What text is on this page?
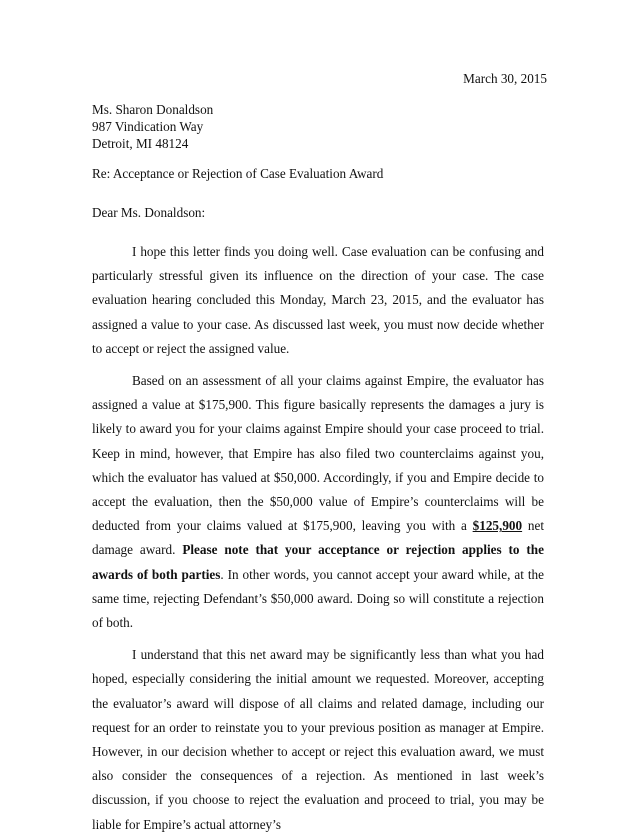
March 30, 2015
Ms. Sharon Donaldson
987 Vindication Way
Detroit, MI 48124
Re: Acceptance or Rejection of Case Evaluation Award
Dear Ms. Donaldson:

I hope this letter finds you doing well. Case evaluation can be confusing and particularly stressful given its influence on the direction of your case. The case evaluation hearing concluded this Monday, March 23, 2015, and the evaluator has assigned a value to your case. As discussed last week, you must now decide whether to accept or reject the assigned value.

Based on an assessment of all your claims against Empire, the evaluator has assigned a value at $175,900. This figure basically represents the damages a jury is likely to award you for your claims against Empire should your case proceed to trial. Keep in mind, however, that Empire has also filed two counterclaims against you, which the evaluator has valued at $50,000. Accordingly, if you and Empire decide to accept the evaluation, then the $50,000 value of Empire’s counterclaims will be deducted from your claims valued at $175,900, leaving you with a $125,900 net damage award. Please note that your acceptance or rejection applies to the awards of both parties. In other words, you cannot accept your award while, at the same time, rejecting Defendant’s $50,000 award. Doing so will constitute a rejection of both.

I understand that this net award may be significantly less than what you had hoped, especially considering the initial amount we requested. Moreover, accepting the evaluator’s award will dispose of all claims and related damage, including our request for an order to reinstate you to your previous position as manager at Empire. However, in our decision whether to accept or reject this evaluation award, we must also consider the consequences of a rejection. As mentioned in last week’s discussion, if you choose to reject the evaluation and proceed to trial, you may be liable for Empire’s actual attorney’s
